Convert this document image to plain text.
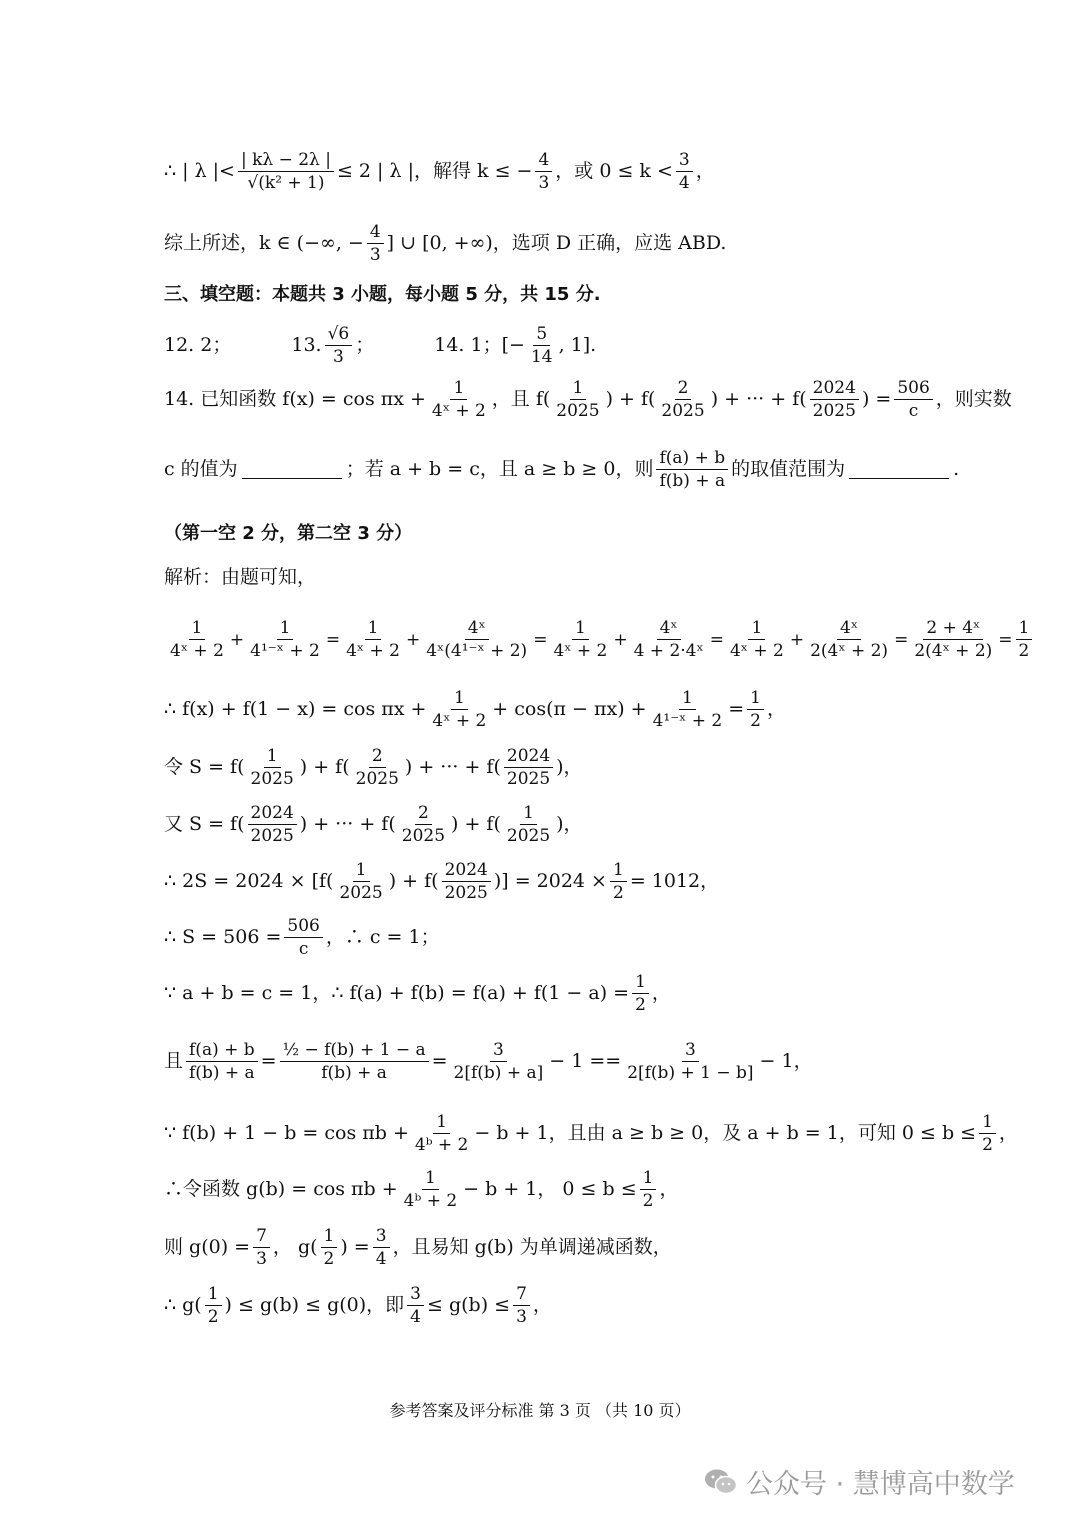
∴ | λ |< $\frac{| k\lambda - 2\lambda |}{\text{√(k² + 1)}} \le 2$ | λ |，解得 k ≤ − $\frac{4}{3}$ ，或 $0 \le k < \frac{3}{4}$ ，
综上所述，k ∈ (−∞, − $\frac{4}{3}$ ] ∪ [0, +∞)，选项 D 正确，应选 ABD.
三、填空题：本题共 3 小题，每小题 5 分，共 15 分.
12. 2；	13. $\frac{√6}{3}$ ；	14. 1；[− $\frac{5}{14}$ , 1].
14. 已知函数 $f(x) = \cos \pi x + \frac{1}{\text{4ˣ + 2}}$ ，且 $f( \frac{1}{2025}$ ) + $f( \frac{2}{2025}$ ) + ··· + $f( \frac{2024}{2025}$ ) = $\frac{506}{c}$ ，则实数
c 的值为	；若 a + b = c，且 a ≥ b ≥ 0，则 $\frac{f(a) + b}{f(b) + a}$ 的取值范围为	.
（第一空 2 分，第二空 3 分）
解析：由题可知，
$\frac{1}{\text{4ˣ + 2}} + \frac{1}{\text{4¹⁻ˣ + 2}} = \frac{1}{\text{4ˣ + 2}} + \frac{\text{4ˣ}}{\text{4ˣ(4¹⁻ˣ + 2)}} = \frac{1}{\text{4ˣ + 2}} + \frac{\text{4ˣ}}{\text{4 + 2·4ˣ}} = \frac{1}{\text{4ˣ + 2}} + \frac{\text{4ˣ}}{\text{2(4ˣ + 2)}} = \frac{\text{2 + 4ˣ}}{\text{2(4ˣ + 2)}} = \frac{1}{2}$
∴ $f(x) + f(1 - x) = \cos \pi x + \frac{1}{\text{4ˣ + 2}} + \cos(\pi - \pi x) + \frac{1}{\text{4¹⁻ˣ + 2}} = \frac{1}{2}$ ，
令 $S = f( \frac{1}{2025}$ ) + $f( \frac{2}{2025}$ ) + ··· + $f( \frac{2024}{2025}$ )，
又 $S = f( \frac{2024}{2025}$ ) + ··· + $f( \frac{2}{2025}$ ) + $f( \frac{1}{2025}$ )，
∴ $2S = 2024 \times [f( \frac{1}{2025}$ ) + $f( \frac{2024}{2025}$ )] = $2024 \times \frac{1}{2} = 1012$，
∴ $S = 506 = \frac{506}{c}$ ，∴ c = 1；
∵ a + b = c = 1，∴ $f(a) + f(b) = f(a) + f(1 - a) = \frac{1}{2}$ ，
且 $\frac{f(a) + b}{f(b) + a} = \frac{\text{½ − f(b) + 1 − a}}{f(b) + a} = \frac{3}{2[f(b) + a]} - 1 == \frac{3}{2[f(b) + 1 - b]} - 1$，
∵ $f(b) + 1 - b = \cos \pi b + \frac{1}{\text{4ᵇ + 2}} - b + 1$，且由 a ≥ b ≥ 0，及 a + b = 1，可知 $0 \le b \le \frac{1}{2}$ ，
∴令函数 $g(b) = \cos \pi b + \frac{1}{\text{4ᵇ + 2}} - b + 1$， $0 \le b \le \frac{1}{2}$ ，
则 $g(0) = \frac{7}{3}$ ， $g( \frac{1}{2}$ ) = $\frac{3}{4}$ ，且易知 g(b) 为单调递减函数，
∴ $g( \frac{1}{2}$ ) ≤ g(b) ≤ g(0)，即 $\frac{3}{4} \le g(b) \le \frac{7}{3}$ ，
参考答案及评分标准 第 3 页 （共 10 页）
公众号 · 慧博高中数学
